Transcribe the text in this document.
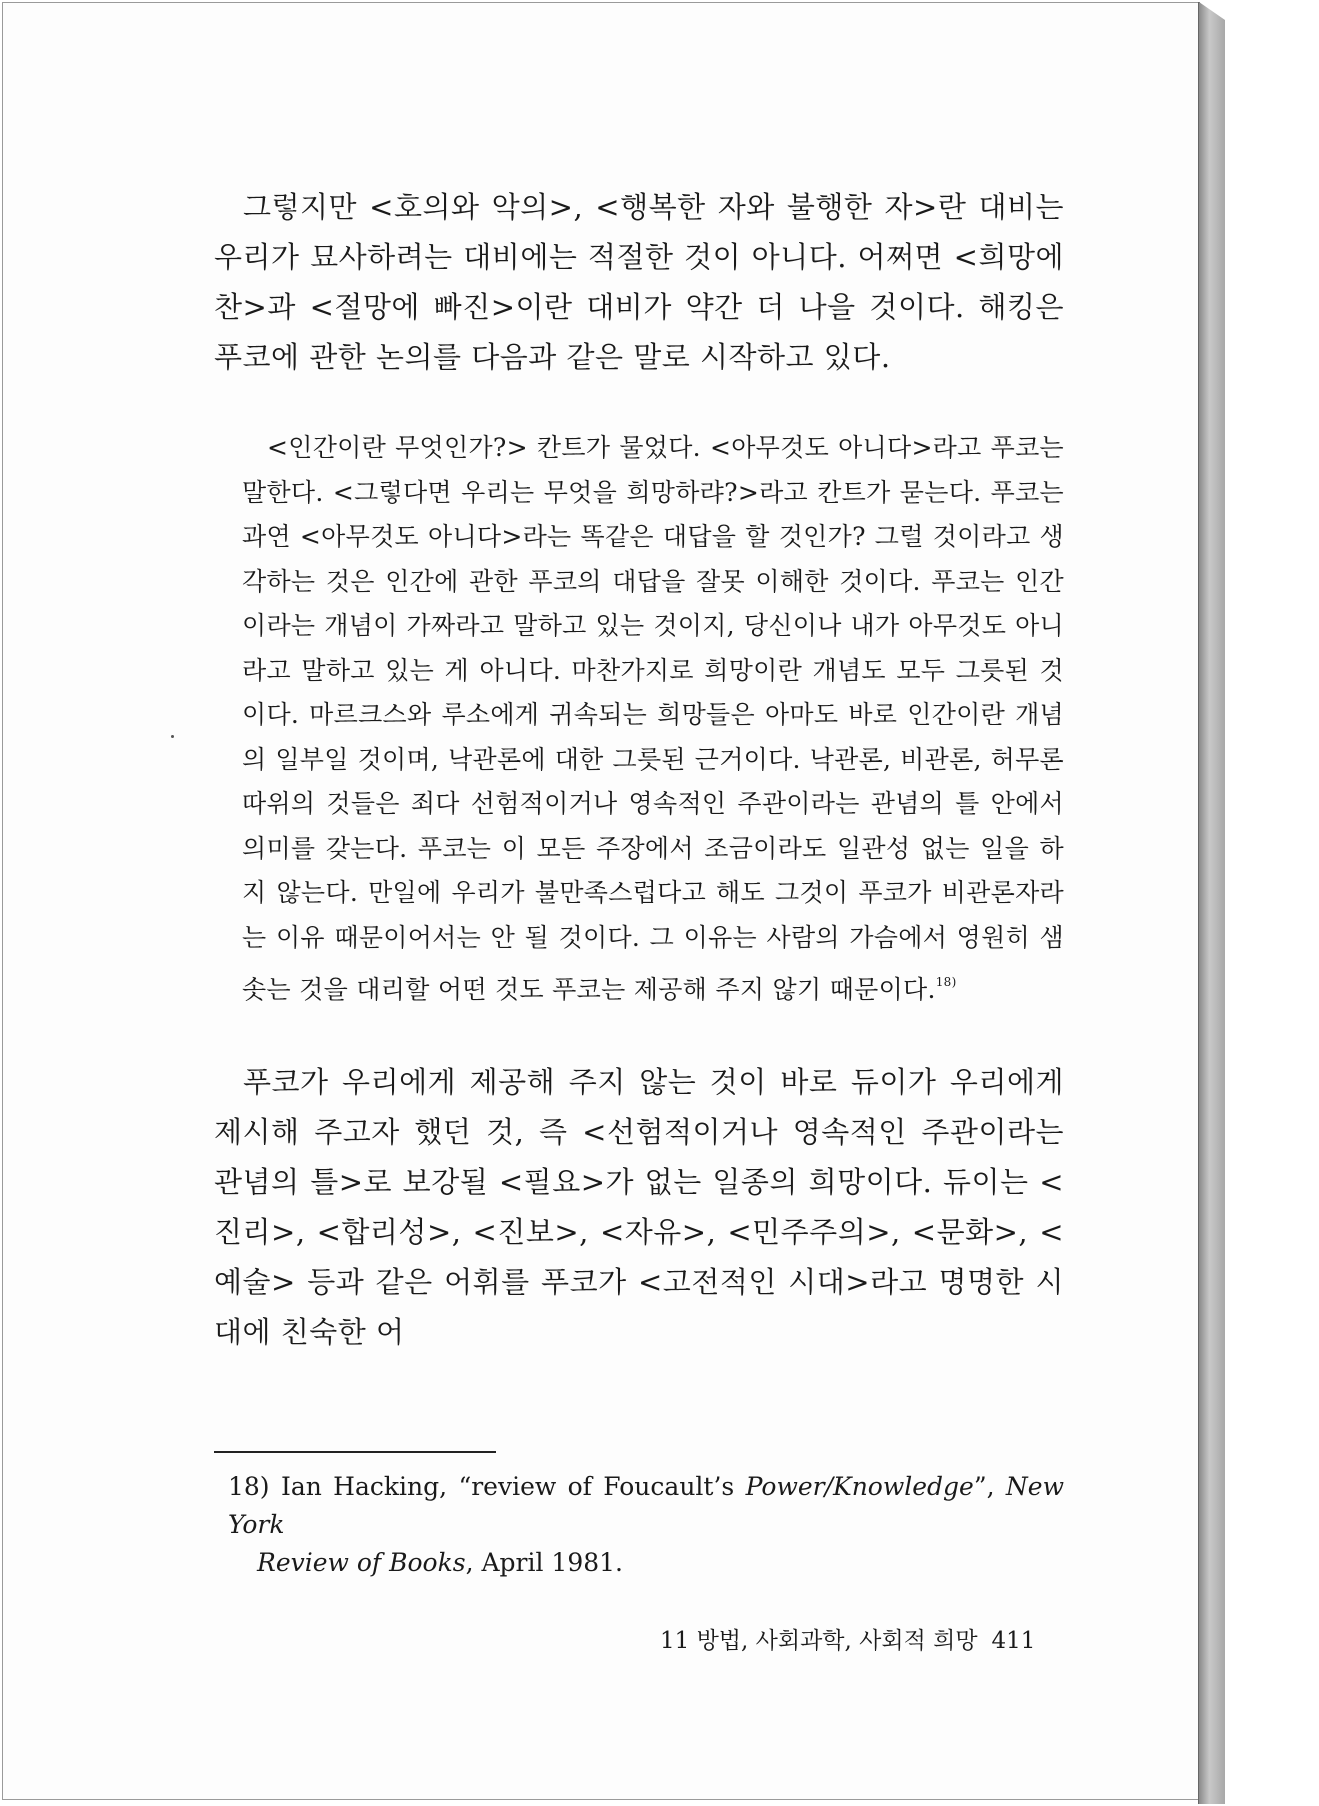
그렇지만 <호의와 악의>, <행복한 자와 불행한 자>란 대비는 우리가 묘사하려는 대비에는 적절한 것이 아니다. 어쩌면 <희망에 찬>과 <절망에 빠진>이란 대비가 약간 더 나을 것이다. 해킹은 푸코에 관한 논의를 다음과 같은 말로 시작하고 있다.

<인간이란 무엇인가?> 칸트가 물었다. <아무것도 아니다>라고 푸코는 말한다. <그렇다면 우리는 무엇을 희망하랴?>라고 칸트가 묻는다. 푸코는 과연 <아무것도 아니다>라는 똑같은 대답을 할 것인가? 그럴 것이라고 생각하는 것은 인간에 관한 푸코의 대답을 잘못 이해한 것이다. 푸코는 인간이라는 개념이 가짜라고 말하고 있는 것이지, 당신이나 내가 아무것도 아니라고 말하고 있는 게 아니다. 마찬가지로 희망이란 개념도 모두 그릇된 것이다. 마르크스와 루소에게 귀속되는 희망들은 아마도 바로 인간이란 개념의 일부일 것이며, 낙관론에 대한 그릇된 근거이다. 낙관론, 비관론, 허무론 따위의 것들은 죄다 선험적이거나 영속적인 주관이라는 관념의 틀 안에서 의미를 갖는다. 푸코는 이 모든 주장에서 조금이라도 일관성 없는 일을 하지 않는다. 만일에 우리가 불만족스럽다고 해도 그것이 푸코가 비관론자라는 이유 때문이어서는 안 될 것이다. 그 이유는 사람의 가슴에서 영원히 샘솟는 것을 대리할 어떤 것도 푸코는 제공해 주지 않기 때문이다.$^{18)}$

푸코가 우리에게 제공해 주지 않는 것이 바로 듀이가 우리에게 제시해 주고자 했던 것, 즉 <선험적이거나 영속적인 주관이라는 관념의 틀>로 보강될 <필요>가 없는 일종의 희망이다. 듀이는 <진리>, <합리성>, <진보>, <자유>, <민주주의>, <문화>, <예술> 등과 같은 어휘를 푸코가 <고전적인 시대>라고 명명한 시대에 친숙한 어

18) Ian Hacking, “review of Foucault’s Power/Knowledge”, New York
Review of Books, April 1981.
11 방법, 사회과학, 사회적 희망 411
